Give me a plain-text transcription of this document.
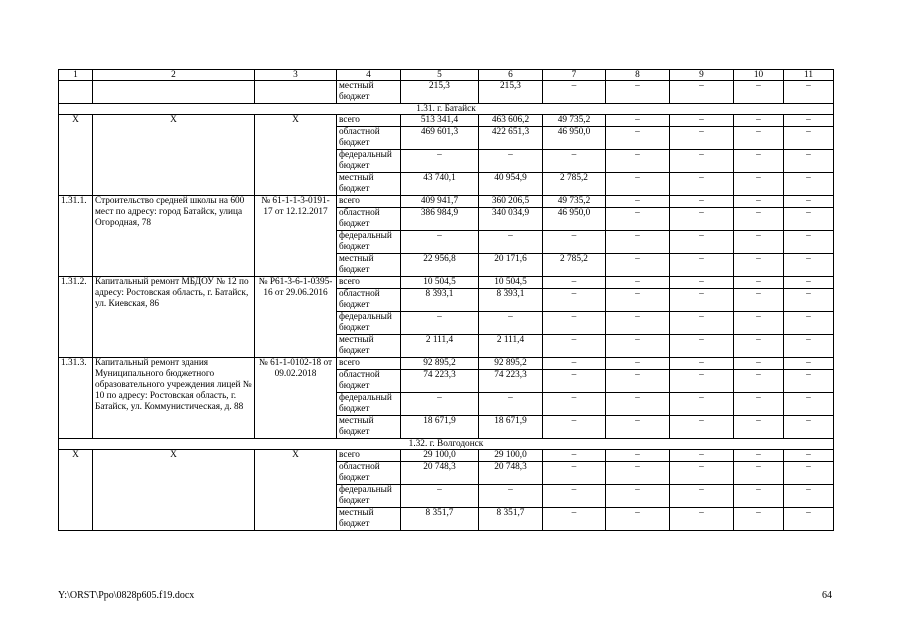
1	2	3	4	5	6	7	8	9	10	11
			местный бюджет	215,3	215,3	–	–	–	–	–
1.31. г. Батайск										
Х	Х	Х	всего	513 341,4	463 606,2	49 735,2	–	–	–	–
			областной бюджет	469 601,3	422 651,3	46 950,0	–	–	–	–
			федеральный бюджет	–	–	–	–	–	–	–
			местный бюджет	43 740,1	40 954,9	2 785,2	–	–	–	–
1.31.1.	Строительство средней школы на 600 мест по адресу: город Батайск, улица Огородная, 78	№ 61-1-1-3-0191-17 от 12.12.2017	всего	409 941,7	360 206,5	49 735,2	–	–	–	–
			областной бюджет	386 984,9	340 034,9	46 950,0	–	–	–	–
			федеральный бюджет	–	–	–	–	–	–	–
			местный бюджет	22 956,8	20 171,6	2 785,2	–	–	–	–
1.31.2.	Капитальный ремонт МБДОУ № 12 по адресу: Ростовская область, г. Батайск, ул. Киевская, 86	№ Р61-3-6-1-0395-16 от 29.06.2016	всего	10 504,5	10 504,5	–	–	–	–	–
			областной бюджет	8 393,1	8 393,1	–	–	–	–	–
			федеральный бюджет	–	–	–	–	–	–	–
			местный бюджет	2 111,4	2 111,4	–	–	–	–	–
1.31.3.	Капитальный ремонт здания Муниципального бюджетного образовательного учреждения лицей № 10 по адресу: Ростовская область, г. Батайск, ул. Коммунистическая, д. 88	№ 61-1-0102-18 от 09.02.2018	всего	92 895,2	92 895,2	–	–	–	–	–
			областной бюджет	74 223,3	74 223,3	–	–	–	–	–
			федеральный бюджет	–	–	–	–	–	–	–
			местный бюджет	18 671,9	18 671,9	–	–	–	–	–
1.32. г. Волгодонск										
Х	Х	Х	всего	29 100,0	29 100,0	–	–	–	–	–
			областной бюджет	20 748,3	20 748,3	–	–	–	–	–
			федеральный бюджет	–	–	–	–	–	–	–
			местный бюджет	8 351,7	8 351,7	–	–	–	–	–
Y:\ORST\Ppo\0828p605.f19.docx	64
